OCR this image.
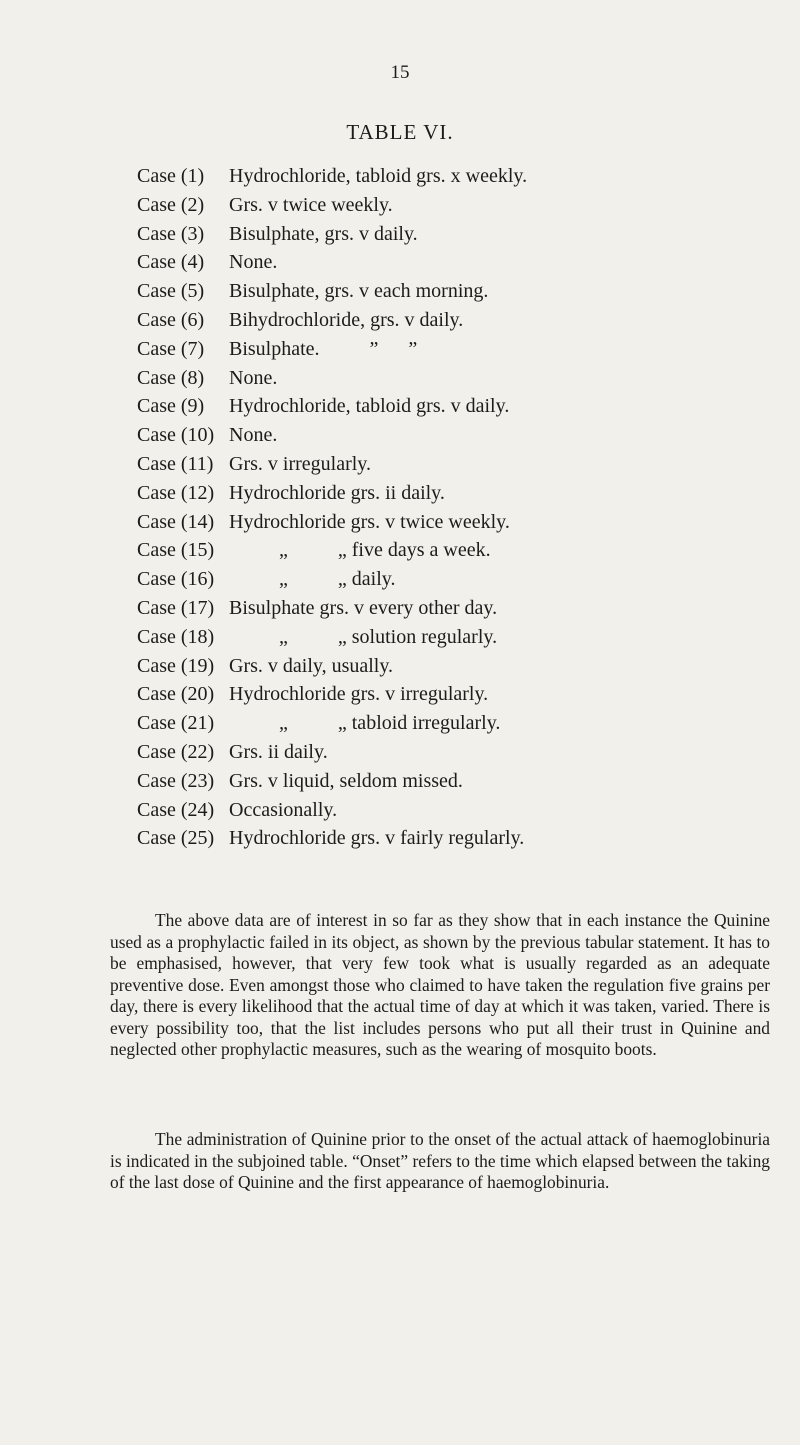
15
TABLE VI.
Case (1)	Hydrochloride, tabloid grs. x weekly.
Case (2)	Grs. v twice weekly.
Case (3)	Bisulphate, grs. v daily.
Case (4)	None.
Case (5)	Bisulphate, grs. v each morning.
Case (6)	Bihydrochloride, grs. v daily.
Case (7)	Bisulphate.          ”      ”
Case (8)	None.
Case (9)	Hydrochloride, tabloid grs. v daily.
Case (10) None.
Case (11) Grs. v irregularly.
Case (12) Hydrochloride grs. ii daily.
Case (14) Hydrochloride grs. v twice weekly.
Case (15) „          „ five days a week.
Case (16) „          „ daily.
Case (17) Bisulphate grs. v every other day.
Case (18) „          „ solution regularly.
Case (19) Grs. v daily, usually.
Case (20) Hydrochloride grs. v irregularly.
Case (21) „          „ tabloid irregularly.
Case (22) Grs. ii daily.
Case (23) Grs. v liquid, seldom missed.
Case (24) Occasionally.
Case (25) Hydrochloride grs. v fairly regularly.

The above data are of interest in so far as they show that in each instance the Quinine used as a prophylactic failed in its object, as shown by the previous tabular statement. It has to be emphasised, however, that very few took what is usually regarded as an adequate preventive dose. Even amongst those who claimed to have taken the regulation five grains per day, there is every likelihood that the actual time of day at which it was taken, varied. There is every possibility too, that the list includes persons who put all their trust in Quinine and neglected other prophylactic measures, such as the wearing of mosquito boots.

The administration of Quinine prior to the onset of the actual attack of haemoglobinuria is indicated in the subjoined table. “Onset” refers to the time which elapsed between the taking of the last dose of Quinine and the first appearance of haemoglobinuria.
